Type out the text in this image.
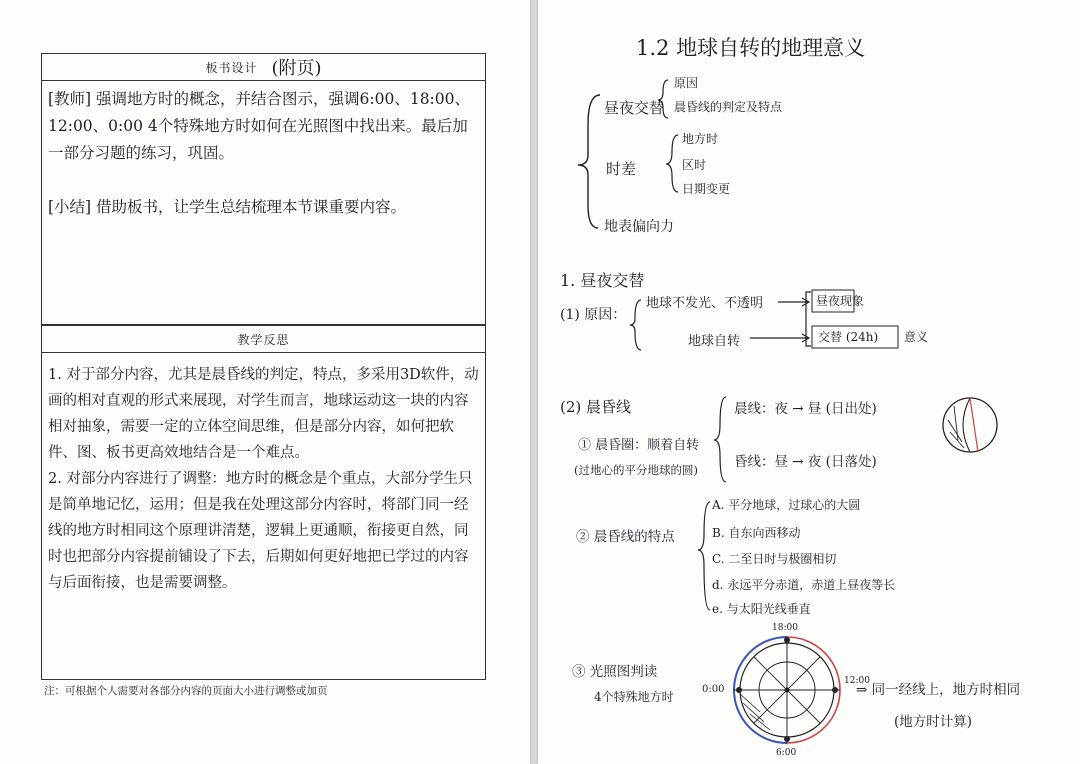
板书设计 (附页)
[教师] 强调地方时的概念，并结合图示，强调6:00、18:00、12:00、0:00 4个特殊地方时如何在光照图中找出来。最后加一部分习题的练习，巩固。
[小结] 借助板书，让学生总结梳理本节课重要内容。
教学反思
1. 对于部分内容，尤其是晨昏线的判定，特点，多采用3D软件，动画的相对直观的形式来展现，对学生而言，地球运动这一块的内容相对抽象，需要一定的立体空间思维，但是部分内容，如何把软件、图、板书更高效地结合是一个难点。
2. 对部分内容进行了调整：地方时的概念是个重点，大部分学生只是简单地记忆，运用；但是我在处理这部分内容时，将部门同一经线的地方时相同这个原理讲清楚，逻辑上更通顺，衔接更自然，同时也把部分内容提前铺设了下去，后期如何更好地把已学过的内容与后面衔接，也是需要调整。
注：可根据个人需要对各部分内容的页面大小进行调整或加页
1.2 地球自转的地理意义
昼夜交替
原因
晨昏线的判定及特点
时差
地方时
区时
日期变更
地表偏向力
1. 昼夜交替
(1) 原因：
地球不发光、不透明	昼夜现象
地球自转	交替 (24h) 意义
(2) 晨昏线
① 晨昏圈：顺着自转
(过地心的平分地球的圆)
晨线：夜 → 昼 (日出处)
昏线：昼 → 夜 (日落处)
② 晨昏线的特点
A. 平分地球，过球心的大圆
B. 自东向西移动
C. 二至日时与极圈相切
d. 永远平分赤道，赤道上昼夜等长
e. 与太阳光线垂直
③ 光照图判读
4个特殊地方时
18:00
12:00
6:00
0:00	⇒ 同一经线上，地方时相同
(地方时计算)
